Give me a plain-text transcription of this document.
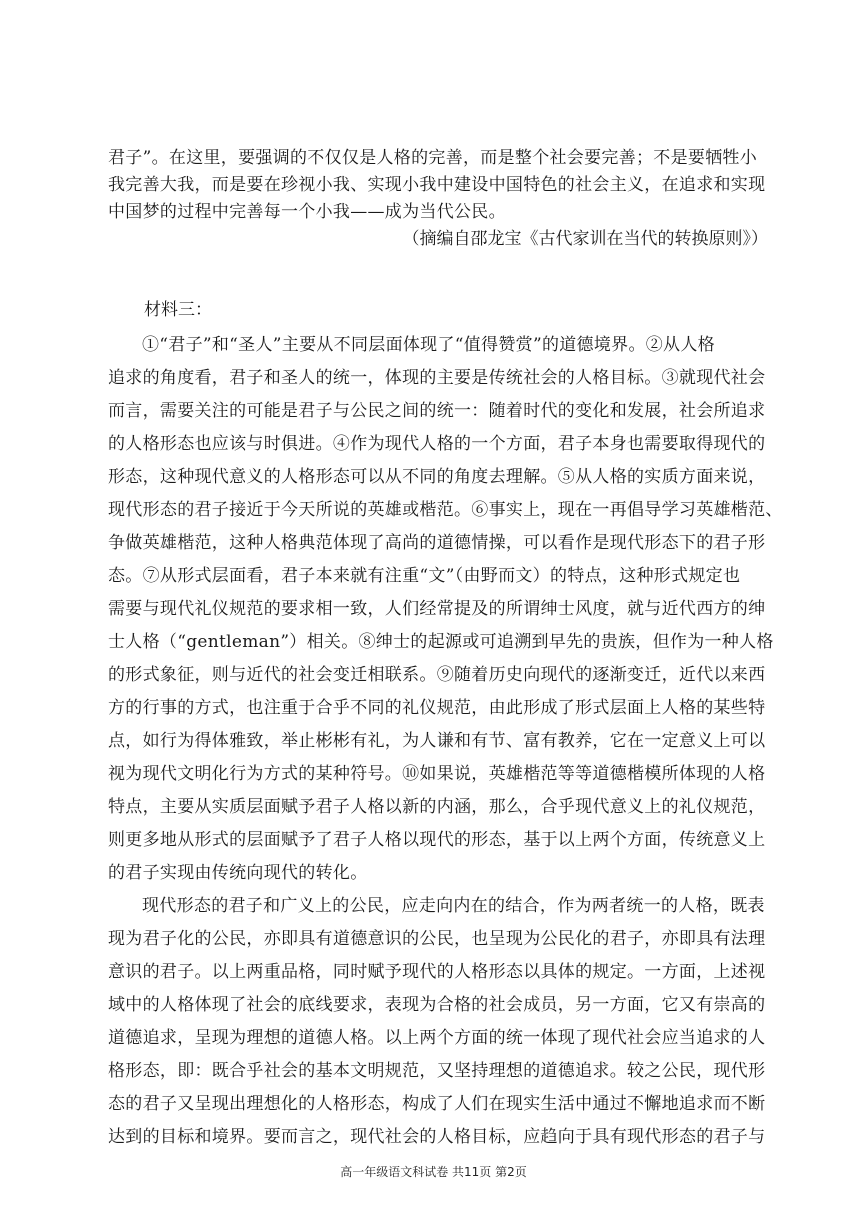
君子”。在这里，要强调的不仅仅是人格的完善，而是整个社会要完善；不是要牺牲小

我完善大我，而是要在珍视小我、实现小我中建设中国特色的社会主义，在追求和实现

中国梦的过程中完善每一个小我——成为当代公民。

（摘编自邵龙宝《古代家训在当代的转换原则》）

材料三：

①“君子”和“圣人”主要从不同层面体现了“值得赞赏”的道德境界。②从人格

追求的角度看，君子和圣人的统一，体现的主要是传统社会的人格目标。③就现代社会

而言，需要关注的可能是君子与公民之间的统一：随着时代的变化和发展，社会所追求

的人格形态也应该与时俱进。④作为现代人格的一个方面，君子本身也需要取得现代的

形态，这种现代意义的人格形态可以从不同的角度去理解。⑤从人格的实质方面来说，

现代形态的君子接近于今天所说的英雄或楷范。⑥事实上，现在一再倡导学习英雄楷范、

争做英雄楷范，这种人格典范体现了高尚的道德情操，可以看作是现代形态下的君子形

态。⑦从形式层面看，君子本来就有注重“文”（由野而文）的特点，这种形式规定也

需要与现代礼仪规范的要求相一致，人们经常提及的所谓绅士风度，就与近代西方的绅

士人格（“gentleman”）相关。⑧绅士的起源或可追溯到早先的贵族，但作为一种人格

的形式象征，则与近代的社会变迁相联系。⑨随着历史向现代的逐渐变迁，近代以来西

方的行事的方式，也注重于合乎不同的礼仪规范，由此形成了形式层面上人格的某些特

点，如行为得体雅致，举止彬彬有礼，为人谦和有节、富有教养，它在一定意义上可以

视为现代文明化行为方式的某种符号。⑩如果说，英雄楷范等等道德楷模所体现的人格

特点，主要从实质层面赋予君子人格以新的内涵，那么，合乎现代意义上的礼仪规范，

则更多地从形式的层面赋予了君子人格以现代的形态，基于以上两个方面，传统意义上

的君子实现由传统向现代的转化。

现代形态的君子和广义上的公民，应走向内在的结合，作为两者统一的人格，既表

现为君子化的公民，亦即具有道德意识的公民，也呈现为公民化的君子，亦即具有法理

意识的君子。以上两重品格，同时赋予现代的人格形态以具体的规定。一方面，上述视

域中的人格体现了社会的底线要求，表现为合格的社会成员，另一方面，它又有崇高的

道德追求，呈现为理想的道德人格。以上两个方面的统一体现了现代社会应当追求的人

格形态，即：既合乎社会的基本文明规范，又坚持理想的道德追求。较之公民，现代形

态的君子又呈现出理想化的人格形态，构成了人们在现实生活中通过不懈地追求而不断

达到的目标和境界。要而言之，现代社会的人格目标，应趋向于具有现代形态的君子与

高一年级语文科试卷 共11页 第2页
